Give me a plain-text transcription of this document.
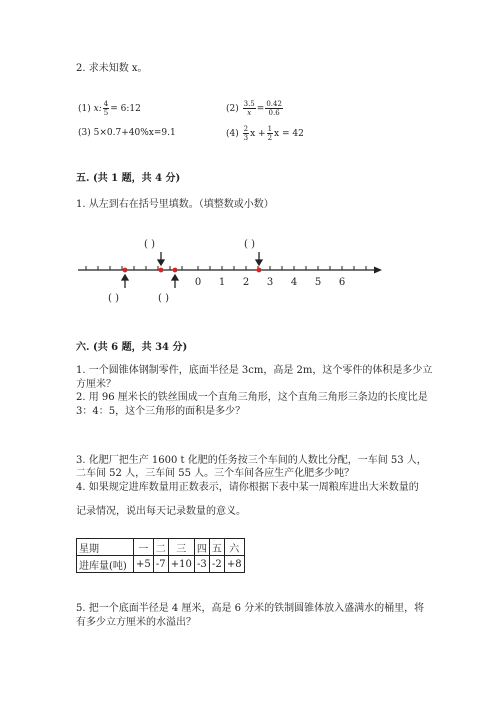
2. 求未知数 x。
(1) x: $\frac{4}{5}$ = 6:12	$(2) \frac{3.5}{x} = \frac{0.42}{0.6}$
(3) 5×0.7+40%x=9.1	$(4) \frac{2}{3}$ $x + \frac{1}{2}$ x = 42
五. (共 1 题，共 4 分)
1. 从左到右在括号里填数。（填整数或小数）
( )	( )
0 1 2 3 4 5 6
( )	( )
六. (共 6 题，共 34 分)
1. 一个圆锥体钢制零件，底面半径是 3cm，高是 2m，这个零件的体积是多少立
方厘米？
2. 用 96 厘米长的铁丝围成一个直角三角形，这个直角三角形三条边的长度比是
3：4：5，这个三角形的面积是多少？
3. 化肥厂把生产 1600 t 化肥的任务按三个车间的人数比分配，一车间 53 人，
二车间 52 人，三车间 55 人。三个车间各应生产化肥多少吨？
4. 如果规定进库数量用正数表示，请你根据下表中某一周粮库进出大米数量的
记录情况，说出每天记录数量的意义。
星期	一	二	三	四	五	六
进库量(吨)	+5	-7	+10	-3	-2	+8
5. 把一个底面半径是 4 厘米，高是 6 分米的铁制圆锥体放入盛满水的桶里，将
有多少立方厘米的水溢出？
